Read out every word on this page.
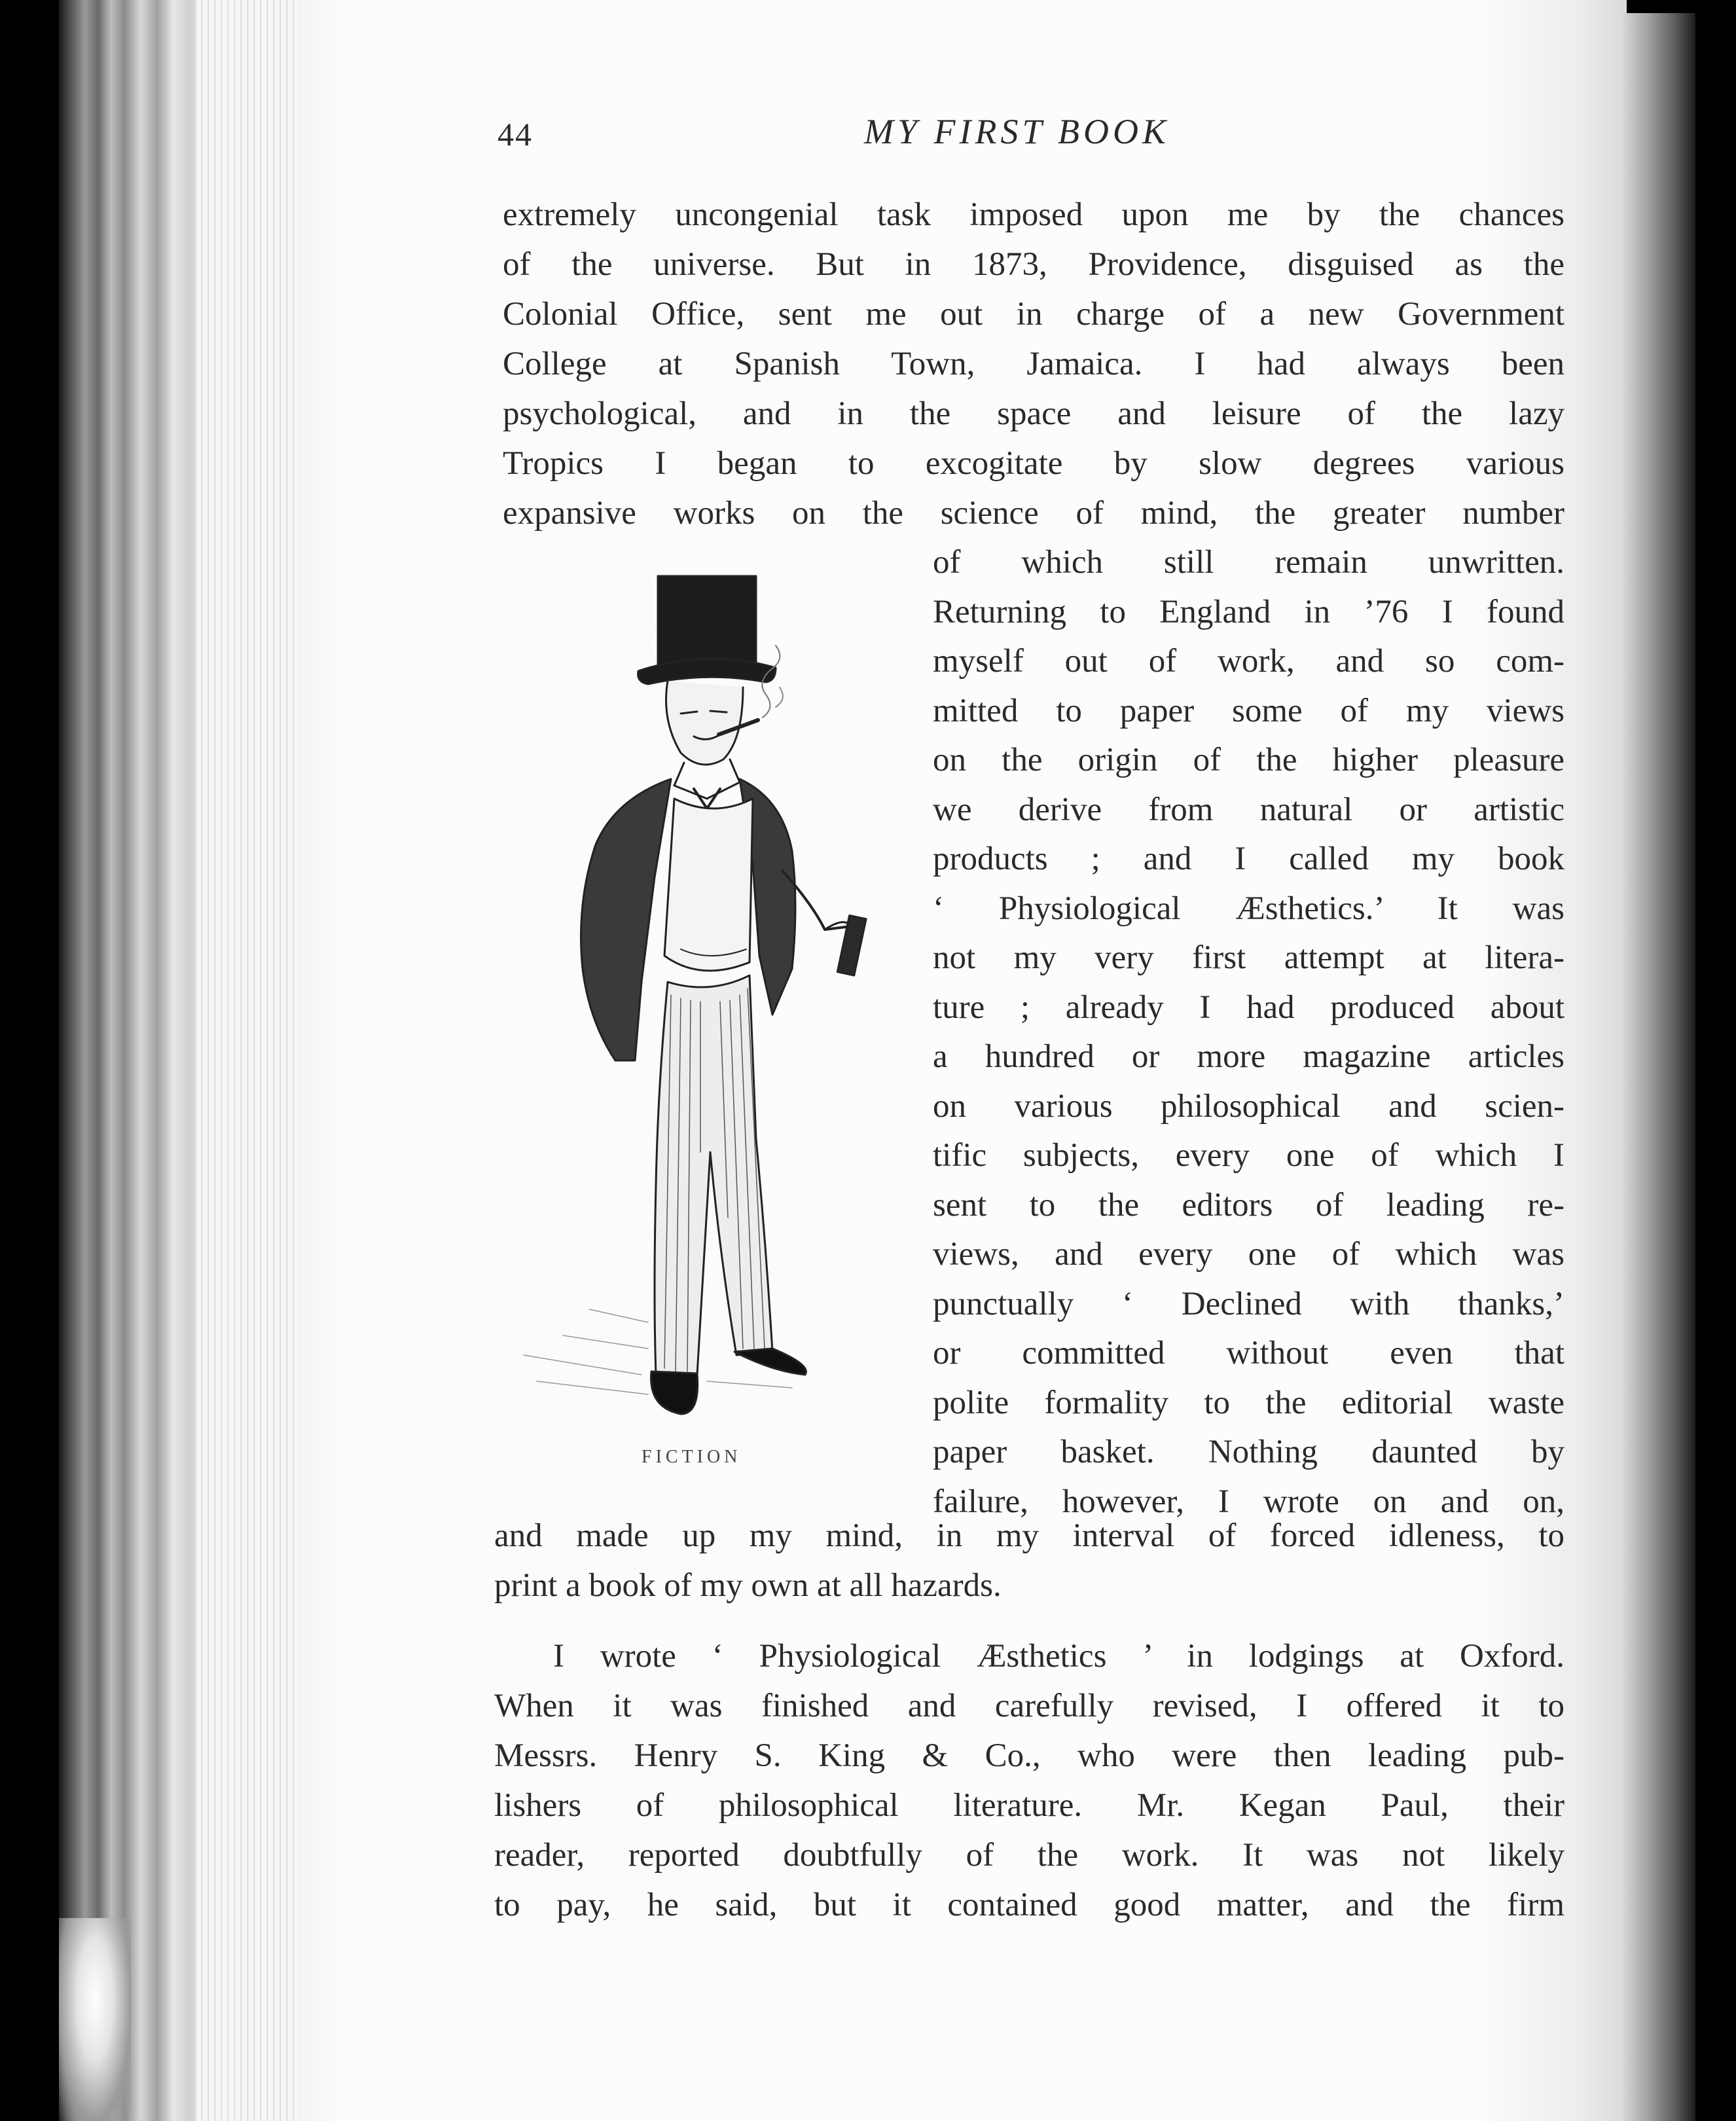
44	MY FIRST BOOK
extremely uncongenial task imposed upon me by the chances
of the universe. But in 1873, Providence, disguised as the
Colonial Office, sent me out in charge of a new Government
College at Spanish Town, Jamaica. I had always been
psychological, and in the space and leisure of the lazy
Tropics I began to excogitate by slow degrees various
expansive works on the science of mind, the greater number
of which still remain unwritten.
Returning to England in ’76 I found
myself out of work, and so com-
mitted to paper some of my views
on the origin of the higher pleasure
we derive from natural or artistic
products ; and I called my book
‘ Physiological Æsthetics.’ It was
not my very first attempt at litera-
ture ; already I had produced about
a hundred or more magazine articles
on various philosophical and scien-
tific subjects, every one of which I
sent to the editors of leading re-
views, and every one of which was
punctually ‘ Declined with thanks,’
or committed without even that
polite formality to the editorial waste
paper basket. Nothing daunted by
failure, however, I wrote on and on,
and made up my mind, in my interval of forced idleness, to
print a book of my own at all hazards.
I wrote ‘ Physiological Æsthetics ’ in lodgings at Oxford.
When it was finished and carefully revised, I offered it to
Messrs. Henry S. King & Co., who were then leading pub-
lishers of philosophical literature. Mr. Kegan Paul, their
reader, reported doubtfully of the work. It was not likely
to pay, he said, but it contained good matter, and the firm
FICTION
